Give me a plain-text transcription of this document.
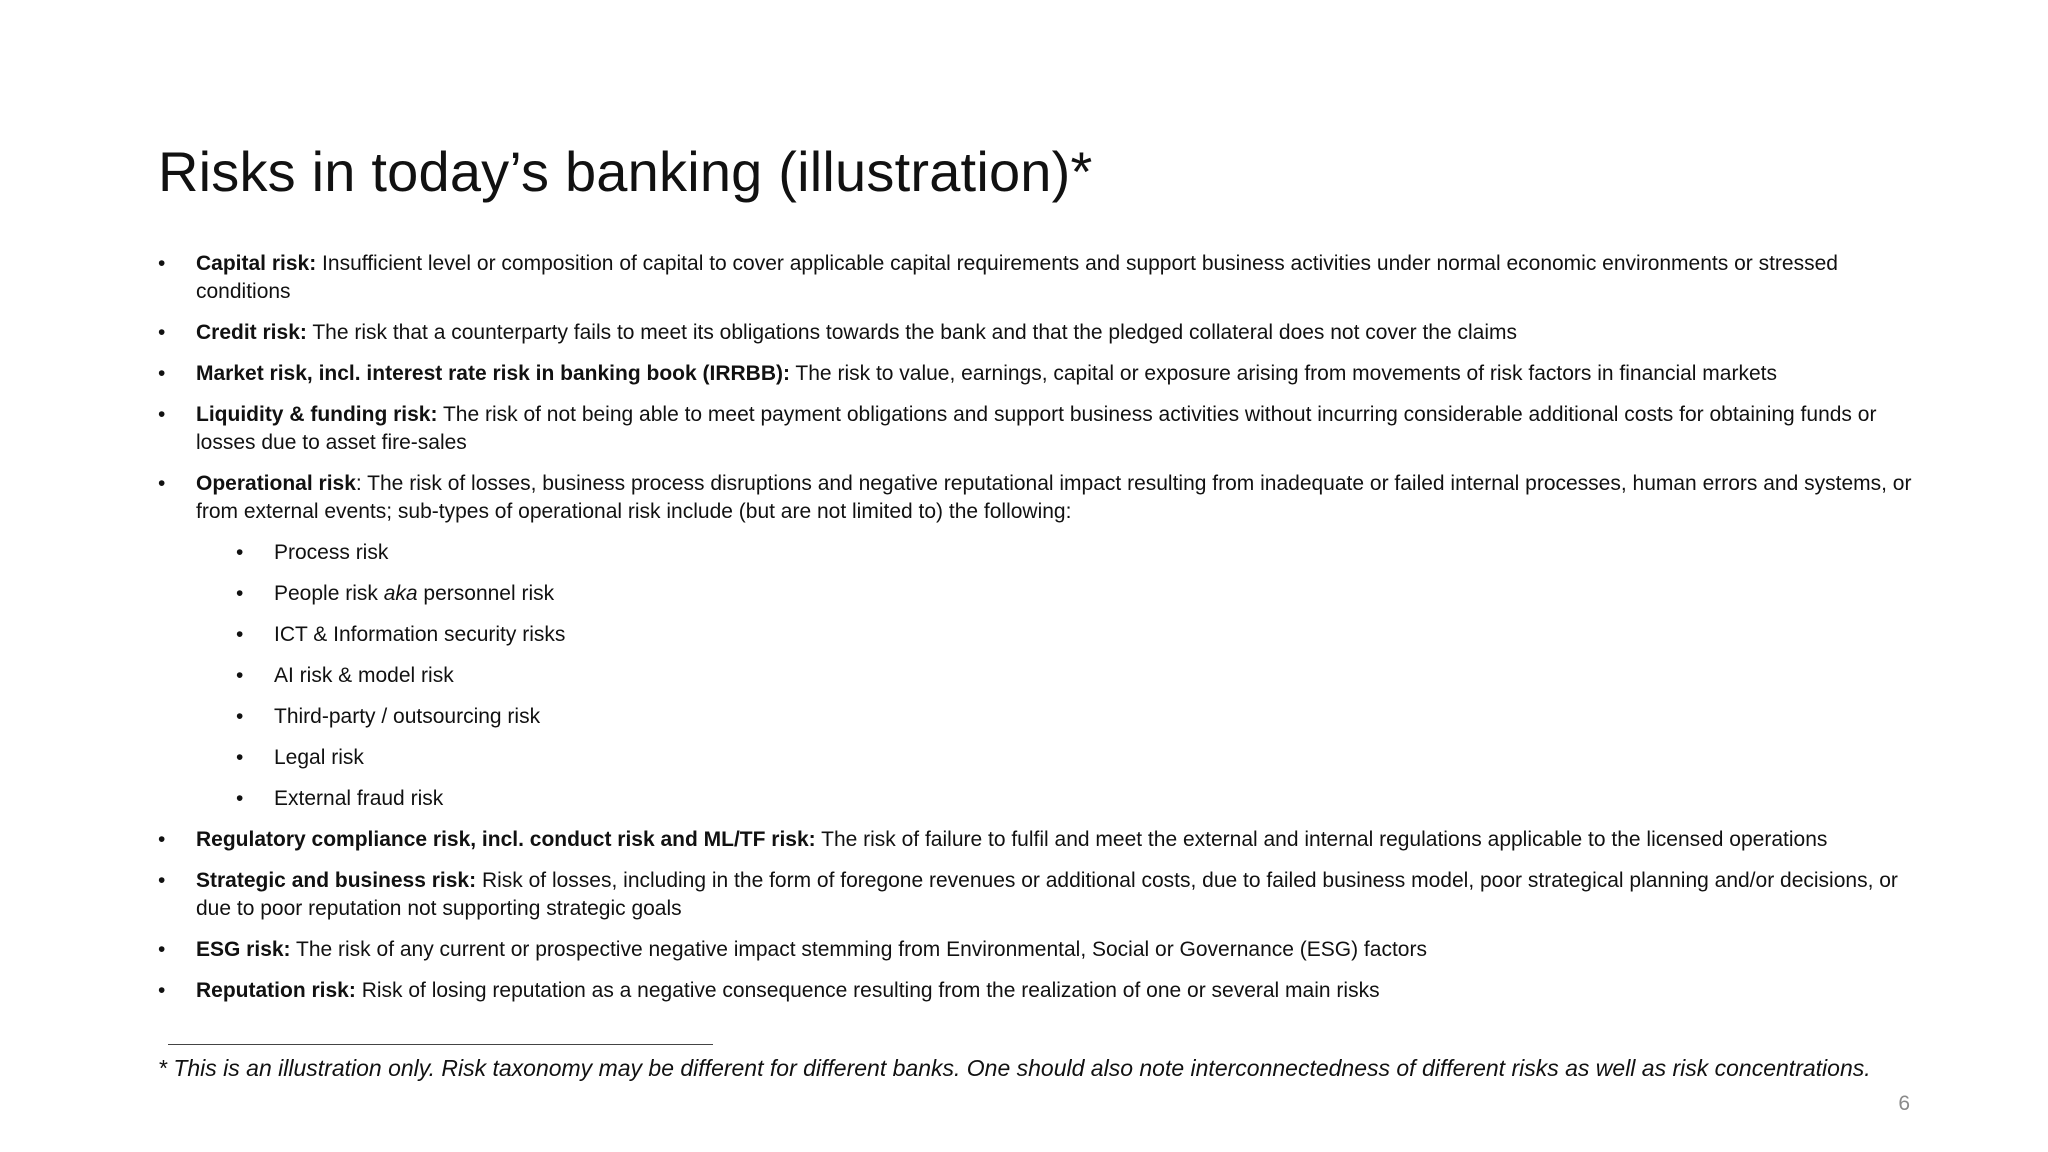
Risks in today’s banking (illustration)*
•	Capital risk: Insufficient level or composition of capital to cover applicable capital requirements and support business activities under normal economic environments or stressed conditions
•	Credit risk: The risk that a counterparty fails to meet its obligations towards the bank and that the pledged collateral does not cover the claims
•	Market risk, incl. interest rate risk in banking book (IRRBB): The risk to value, earnings, capital or exposure arising from movements of risk factors in financial markets
•	Liquidity & funding risk: The risk of not being able to meet payment obligations and support business activities without incurring considerable additional costs for obtaining funds or losses due to asset fire-sales
•	Operational risk: The risk of losses, business process disruptions and negative reputational impact resulting from inadequate or failed internal processes, human errors and systems, or from external events; sub-types of operational risk include (but are not limited to) the following:
•	Process risk
•	People risk aka personnel risk
•	ICT & Information security risks
•	AI risk & model risk
•	Third-party / outsourcing risk
•	Legal risk
•	External fraud risk
•	Regulatory compliance risk, incl. conduct risk and ML/TF risk: The risk of failure to fulfil and meet the external and internal regulations applicable to the licensed operations
•	Strategic and business risk: Risk of losses, including in the form of foregone revenues or additional costs, due to failed business model, poor strategical planning and/or decisions, or due to poor reputation not supporting strategic goals
•	ESG risk: The risk of any current or prospective negative impact stemming from Environmental, Social or Governance (ESG) factors
•	Reputation risk: Risk of losing reputation as a negative consequence resulting from the realization of one or several main risks
* This is an illustration only. Risk taxonomy may be different for different banks. One should also note interconnectedness of different risks as well as risk concentrations.
6
